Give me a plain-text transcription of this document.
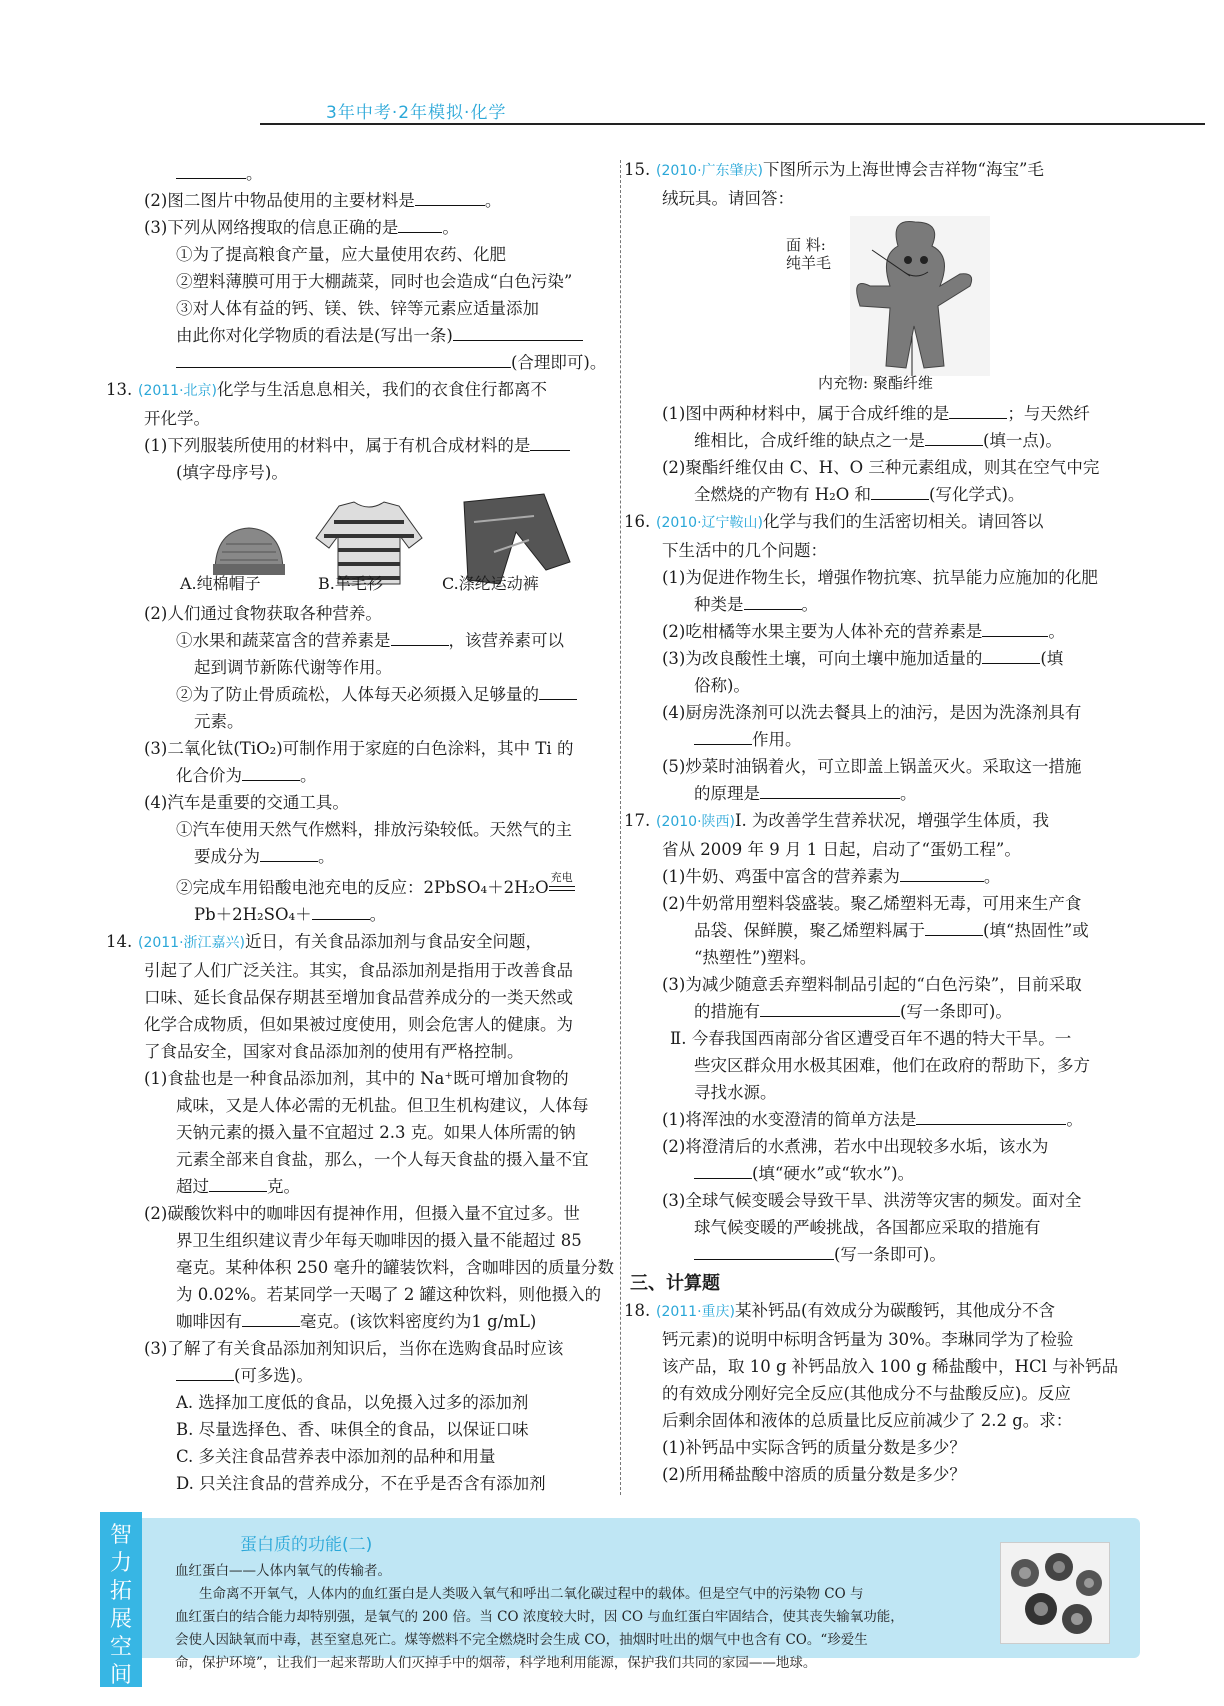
3年中考·2年模拟·化学

。

(2)图二图片中物品使用的主要材料是	。

(3)下列从网络搜取的信息正确的是	。

①为了提高粮食产量，应大量使用农药、化肥

②塑料薄膜可用于大棚蔬菜，同时也会造成“白色污染”

③对人体有益的钙、镁、铁、锌等元素应适量添加

由此你对化学物质的看法是(写出一条)

(合理即可)。

13. (2011·北京)化学与生活息息相关，我们的衣食住行都离不

开化学。

(1)下列服装所使用的材料中，属于有机合成材料的是

(填字母序号)。

A.纯棉帽子	B.羊毛衫	C.涤纶运动裤

(2)人们通过食物获取各种营养。

①水果和蔬菜富含的营养素是	，该营养素可以

起到调节新陈代谢等作用。

②为了防止骨质疏松，人体每天必须摄入足够量的

元素。

(3)二氧化钛(TiO₂)可制作用于家庭的白色涂料，其中 Ti 的

化合价为	。

(4)汽车是重要的交通工具。

①汽车使用天然气作燃料，排放污染较低。天然气的主

要成分为	。

②完成车用铅酸电池充电的反应：2PbSO₄＋2H₂O
充电

Pb＋2H₂SO₄＋	。

14. (2011·浙江嘉兴)近日，有关食品添加剂与食品安全问题，

引起了人们广泛关注。其实，食品添加剂是指用于改善食品

口味、延长食品保存期甚至增加食品营养成分的一类天然或

化学合成物质，但如果被过度使用，则会危害人的健康。为

了食品安全，国家对食品添加剂的使用有严格控制。

(1)食盐也是一种食品添加剂，其中的 Na⁺既可增加食物的

咸味，又是人体必需的无机盐。但卫生机构建议，人体每

天钠元素的摄入量不宜超过 2.3 克。如果人体所需的钠

元素全部来自食盐，那么，一个人每天食盐的摄入量不宜

超过	克。

(2)碳酸饮料中的咖啡因有提神作用，但摄入量不宜过多。世

界卫生组织建议青少年每天咖啡因的摄入量不能超过 85

毫克。某种体积 250 毫升的罐装饮料，含咖啡因的质量分数

为 0.02%。若某同学一天喝了 2 罐这种饮料，则他摄入的

咖啡因有	毫克。(该饮料密度约为1 g/mL)

(3)了解了有关食品添加剂知识后，当你在选购食品时应该

(可多选)。

A. 选择加工度低的食品，以免摄入过多的添加剂

B. 尽量选择色、香、味俱全的食品，以保证口味

C. 多关注食品营养表中添加剂的品种和用量

D. 只关注食品的营养成分，不在乎是否含有添加剂

15. (2010·广东肇庆)下图所示为上海世博会吉祥物“海宝”毛

绒玩具。请回答：

面 料:
纯羊毛
内充物: 聚酯纤维

(1)图中两种材料中，属于合成纤维的是	；与天然纤

维相比，合成纤维的缺点之一是	(填一点)。

(2)聚酯纤维仅由 C、H、O 三种元素组成，则其在空气中完

全燃烧的产物有 H₂O 和	(写化学式)。

16. (2010·辽宁鞍山)化学与我们的生活密切相关。请回答以

下生活中的几个问题：

(1)为促进作物生长，增强作物抗寒、抗旱能力应施加的化肥

种类是	。

(2)吃柑橘等水果主要为人体补充的营养素是	。

(3)为改良酸性土壤，可向土壤中施加适量的	(填

俗称)。

(4)厨房洗涤剂可以洗去餐具上的油污，是因为洗涤剂具有

作用。

(5)炒菜时油锅着火，可立即盖上锅盖灭火。采取这一措施

的原理是	。

17. (2010·陕西)Ⅰ. 为改善学生营养状况，增强学生体质，我

省从 2009 年 9 月 1 日起，启动了“蛋奶工程”。

(1)牛奶、鸡蛋中富含的营养素为	。

(2)牛奶常用塑料袋盛装。聚乙烯塑料无毒，可用来生产食

品袋、保鲜膜，聚乙烯塑料属于	(填“热固性”或

“热塑性”)塑料。

(3)为减少随意丢弃塑料制品引起的“白色污染”，目前采取

的措施有	(写一条即可)。

Ⅱ. 今春我国西南部分省区遭受百年不遇的特大干旱。一

些灾区群众用水极其困难，他们在政府的帮助下，多方

寻找水源。

(1)将浑浊的水变澄清的简单方法是	。

(2)将澄清后的水煮沸，若水中出现较多水垢，该水为

(填“硬水”或“软水”)。

(3)全球气候变暖会导致干旱、洪涝等灾害的频发。面对全

球气候变暖的严峻挑战，各国都应采取的措施有

(写一条即可)。

三、计算题

18. (2011·重庆)某补钙品(有效成分为碳酸钙，其他成分不含

钙元素)的说明中标明含钙量为 30%。李琳同学为了检验

该产品，取 10 g 补钙品放入 100 g 稀盐酸中，HCl 与补钙品

的有效成分刚好完全反应(其他成分不与盐酸反应)。反应

后剩余固体和液体的总质量比反应前减少了 2.2 g。求：

(1)补钙品中实际含钙的质量分数是多少？

(2)所用稀盐酸中溶质的质量分数是多少？

智
力
拓
展
空
间
蛋白质的功能(二)

血红蛋白——人体内氧气的传输者。

生命离不开氧气，人体内的血红蛋白是人类吸入氧气和呼出二氧化碳过程中的载体。但是空气中的污染物 CO 与

血红蛋白的结合能力却特别强，是氧气的 200 倍。当 CO 浓度较大时，因 CO 与血红蛋白牢固结合，使其丧失输氧功能，

会使人因缺氧而中毒，甚至窒息死亡。煤等燃料不完全燃烧时会生成 CO，抽烟时吐出的烟气中也含有 CO。“珍爱生

命，保护环境”，让我们一起来帮助人们灭掉手中的烟蒂，科学地利用能源，保护我们共同的家园——地球。
